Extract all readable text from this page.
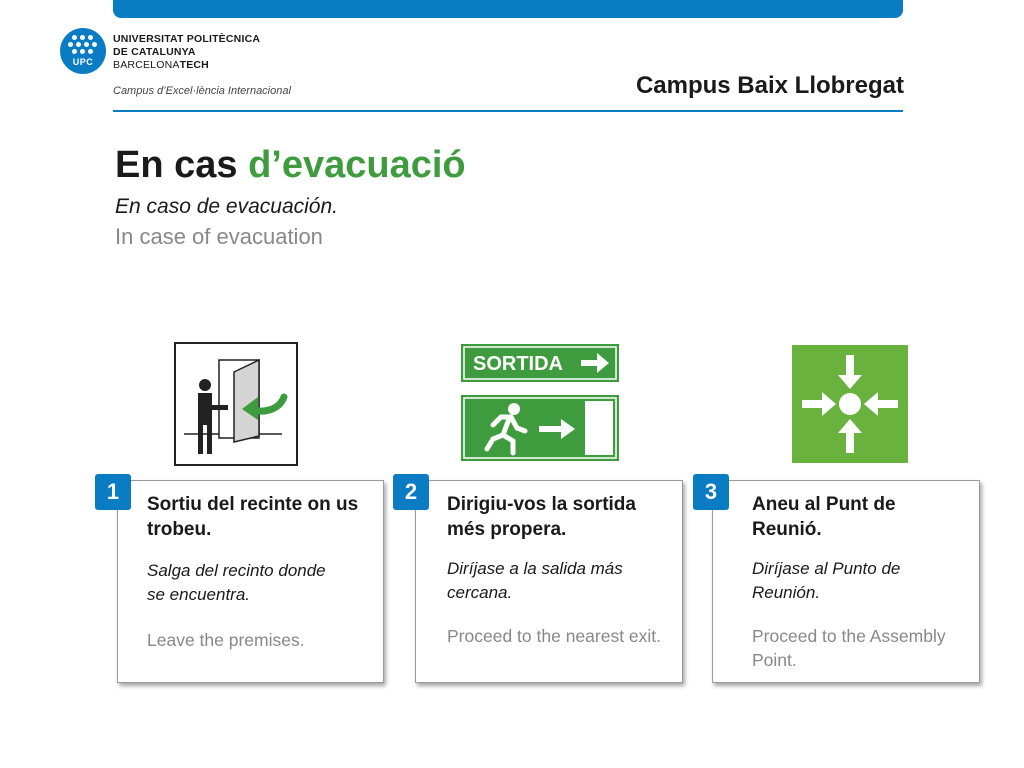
UPC
UNIVERSITAT POLITÈCNICA
DE CATALUNYA
BARCELONATECH
Campus d’Excel·lència Internacional	Campus Baix Llobregat
En cas d’evacuació
En caso de evacuación.
In case of evacuation
SORTIDA
1
Sortiu del recinte on us trobeu.
Salga del recinto donde se encuentra.
Leave the premises.
2
Dirigiu-vos la sortida més propera.
Diríjase a la salida más cercana.
Proceed to the nearest exit.
3
Aneu al Punt de Reunió.
Diríjase al Punto de Reunión.
Proceed to the Assembly Point.
